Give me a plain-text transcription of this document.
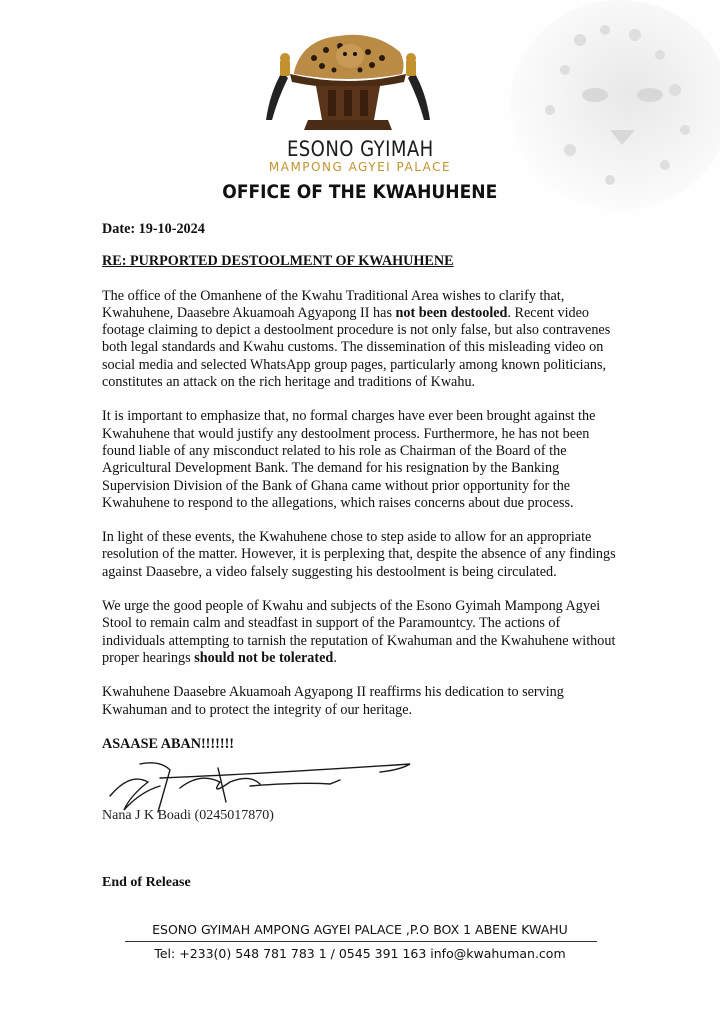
ESONO GYIMAH
MAMPONG AGYEI PALACE
OFFICE OF THE KWAHUHENE

Date: 19-10-2024

RE: PURPORTED DESTOOLMENT OF KWAHUHENE

The office of the Omanhene of the Kwahu Traditional Area wishes to clarify that, Kwahuhene, Daasebre Akuamoah Agyapong II has not been destooled. Recent video footage claiming to depict a destoolment procedure is not only false, but also contravenes both legal standards and Kwahu customs. The dissemination of this misleading video on social media and selected WhatsApp group pages, particularly among known politicians, constitutes an attack on the rich heritage and traditions of Kwahu.

It is important to emphasize that, no formal charges have ever been brought against the Kwahuhene that would justify any destoolment process. Furthermore, he has not been found liable of any misconduct related to his role as Chairman of the Board of the Agricultural Development Bank. The demand for his resignation by the Banking Supervision Division of the Bank of Ghana came without prior opportunity for the Kwahuhene to respond to the allegations, which raises concerns about due process.

In light of these events, the Kwahuhene chose to step aside to allow for an appropriate resolution of the matter. However, it is perplexing that, despite the absence of any findings against Daasebre, a video falsely suggesting his destoolment is being circulated.

We urge the good people of Kwahu and subjects of the Esono Gyimah Mampong Agyei Stool to remain calm and steadfast in support of the Paramountcy. The actions of individuals attempting to tarnish the reputation of Kwahuman and the Kwahuhene without proper hearings should not be tolerated.

Kwahuhene Daasebre Akuamoah Agyapong II reaffirms his dedication to serving Kwahuman and to protect the integrity of our heritage.

ASAASE ABAN!!!!!!!

Nana J K Boadi (0245017870)
End of Release
ESONO GYIMAH AMPONG AGYEI PALACE ,P.O BOX 1 ABENE KWAHU
Tel: +233(0) 548 781 783 1 / 0545 391 163 info@kwahuman.com
